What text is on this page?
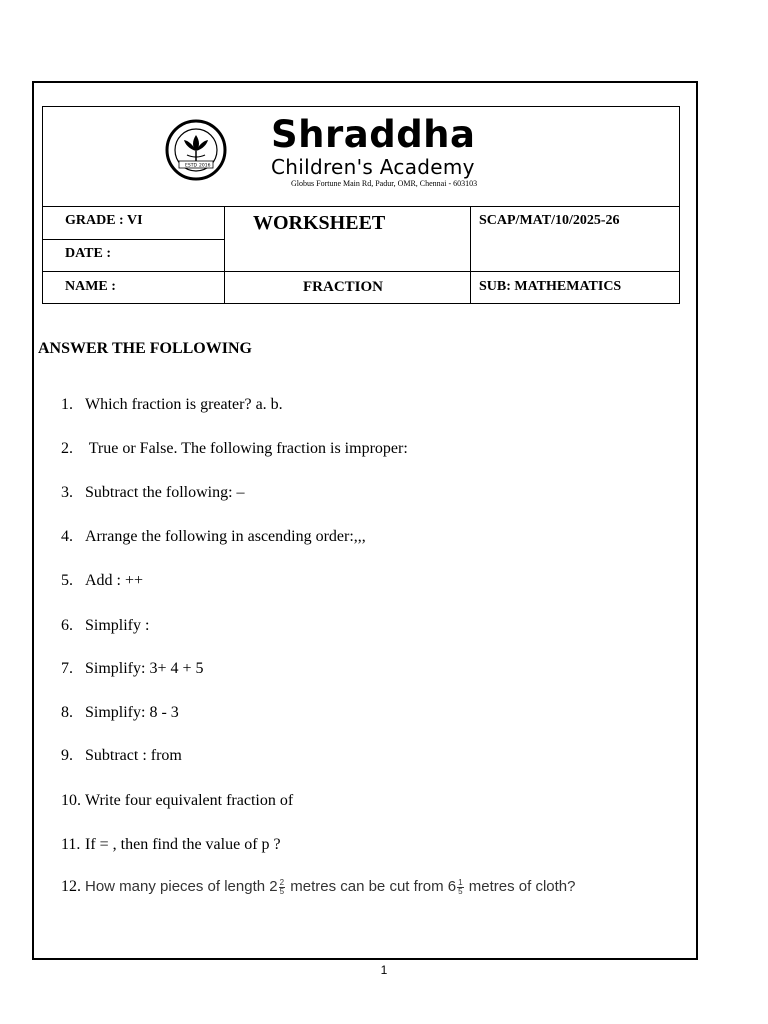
ESTD 2016
Shraddha
Children's Academy
Globus Fortune Main Rd, Padur, OMR, Chennai - 603103
GRADE : VI
DATE :
NAME :
WORKSHEET
FRACTION
SCAP/MAT/10/2025-26
SUB: MATHEMATICS
ANSWER THE FOLLOWING
1. Which fraction is greater? a. b.
2. True or False. The following fraction is improper:
3. Subtract the following: –
4. Arrange the following in ascending order:,,,
5. Add : ++
6. Simplify :
7. Simplify: 3+ 4 + 5
8. Simplify: 8 - 3
9. Subtract : from
10. Write four equivalent fraction of
11. If = , then find the value of p ?
12. How many pieces of length $2 \frac{2}{5}$ metres can be cut from $6 \frac{1}{5}$ metres of cloth?
1
